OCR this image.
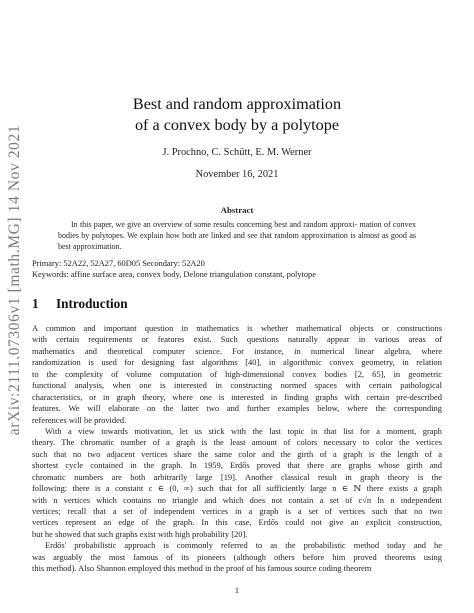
arXiv:2111.07306v1 [math.MG] 14 Nov 2021
Best and random approximation
of a convex body by a polytope
J. Prochno, C. Schütt, E. M. Werner
November 16, 2021
Abstract

In this paper, we give an overview of some results concerning best and random approxi- mation of convex bodies by polytopes. We explain how both are linked and see that random approximation is almost as good as best approximation.

Primary: 52A22, 52A27, 60D05 Secondary: 52A20
Keywords: affine surface area, convex body, Delone triangulation constant, polytope
1 Introduction
A common and important question in mathematics is whether mathematical objects or constructions
with certain requirements or features exist. Such questions naturally appear in various areas of
mathematics and theoretical computer science. For instance, in numerical linear algebra, where
randomization is used for designing fast algorithms [40], in algorithmic convex geometry, in relation
to the complexity of volume computation of high-dimensional convex bodies [2, 65], in geometric
functional analysis, when one is interested in constructing normed spaces with certain pathological
characteristics, or in graph theory, where one is interested in finding graphs with certain pre-described
features. We will elaborate on the latter two and further examples below, where the corresponding
references will be provided.
With a view towards motivation, let us stick with the last topic in that list for a moment, graph
theory. The chromatic number of a graph is the least amount of colors necessary to color the vertices
such that no two adjacent vertices share the same color and the girth of a graph is the length of a
shortest cycle contained in the graph. In 1959, Erdős proved that there are graphs whose girth and
chromatic numbers are both arbitrarily large [19]. Another classical result in graph theory is the
following: there is a constant c ∈ (0, ∞) such that for all sufficiently large n ∈ ℕ there exists a graph
with n vertices which contains no triangle and which does not contain a set of c√n ln n independent
vertices; recall that a set of independent vertices in a graph is a set of vertices such that no two
vertices represent an edge of the graph. In this case, Erdős could not give an explicit construction,
but he showed that such graphs exist with high probability [20].
Erdős' probabilistic approach is commonly referred to as the probabilistic method today and he
was arguably the most famous of its pioneers (although others before him proved theorems using
this method). Also Shannon employed this method in the proof of his famous source coding theorem
1
